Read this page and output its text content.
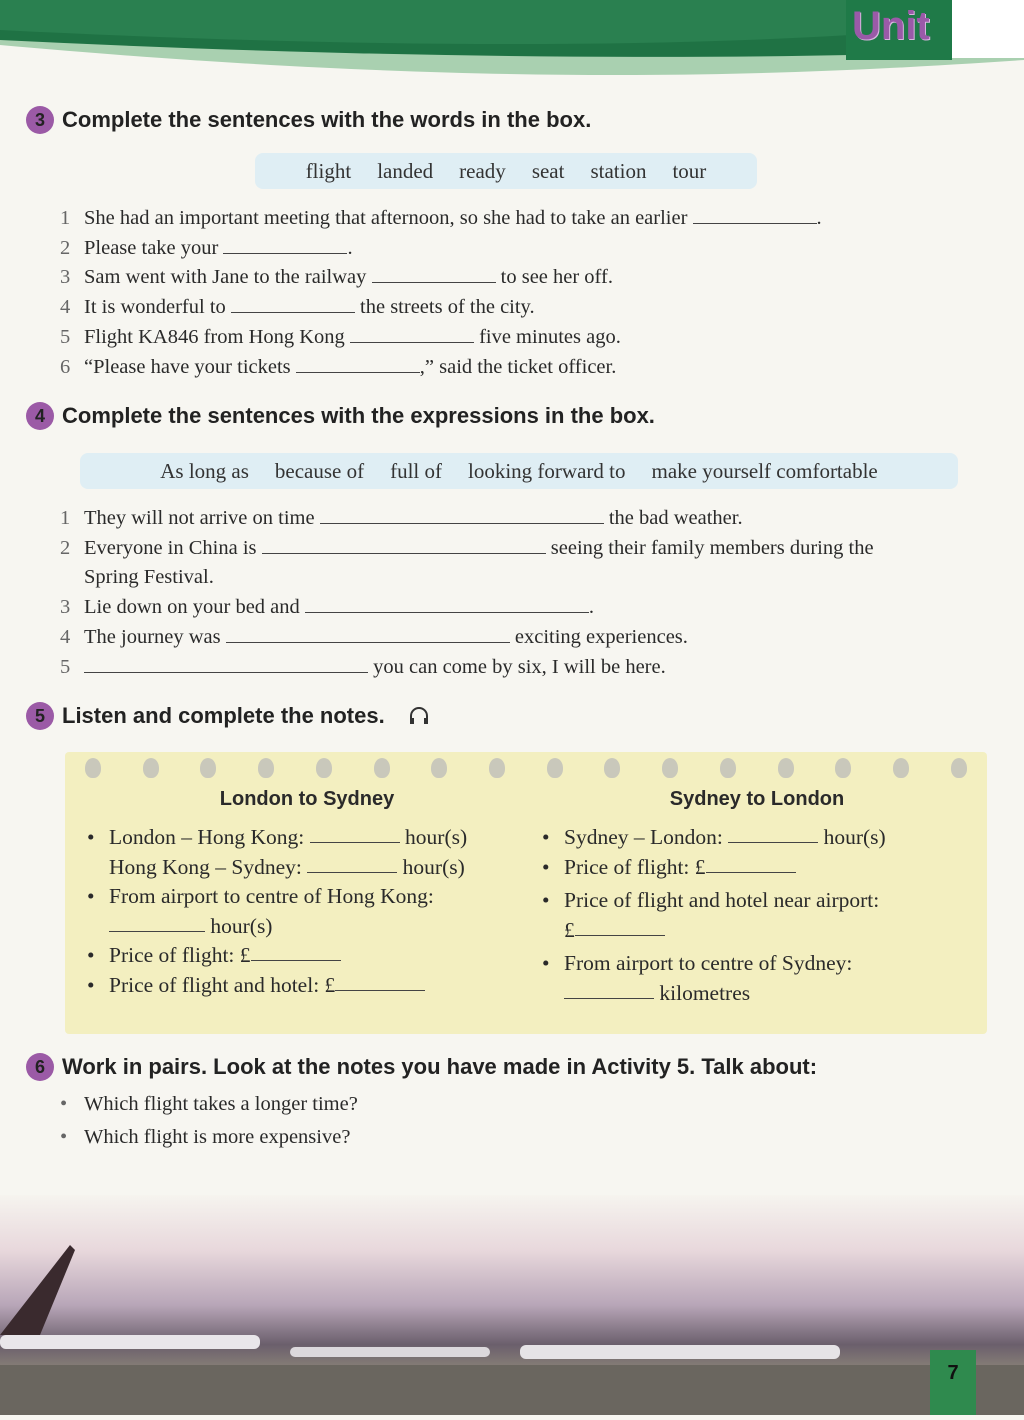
Unit
3 Complete the sentences with the words in the box.
flight landed ready seat station tour
1 She had an important meeting that afternoon, so she had to take an earlier
	.
2 Please take your
	.
3 Sam went with Jane to the railway

	to see her off.
4 It is wonderful to

	the streets of the city.
5 Flight KA846 from Hong Kong

	five minutes ago.
6 “Please have your tickets
	,” said the ticket officer.
4 Complete the sentences with the expressions in the box.
As long as because of full of looking forward to make yourself comfortable
1 They will not arrive on time

	the bad weather.
2 Everyone in China is

	seeing their family members during the
Spring Festival.
3 Lie down on your bed and
	.
4 The journey was

	exciting experiences.
5
	you can come by six, I will be here.
5 Listen and complete the notes.
London to Sydney
• London – Hong Kong:

	hour(s)
Hong Kong – Sydney:

	hour(s)
• From airport to centre of Hong Kong:

hour(s)
• Price of flight: £
• Price of flight and hotel: £
Sydney to London
• Sydney – London:

	hour(s)
• Price of flight: £
• Price of flight and hotel near airport:
£
• From airport to centre of Sydney:

kilometres
6 Work in pairs. Look at the notes you have made in Activity 5. Talk about:
• Which flight takes a longer time?
• Which flight is more expensive?
7
